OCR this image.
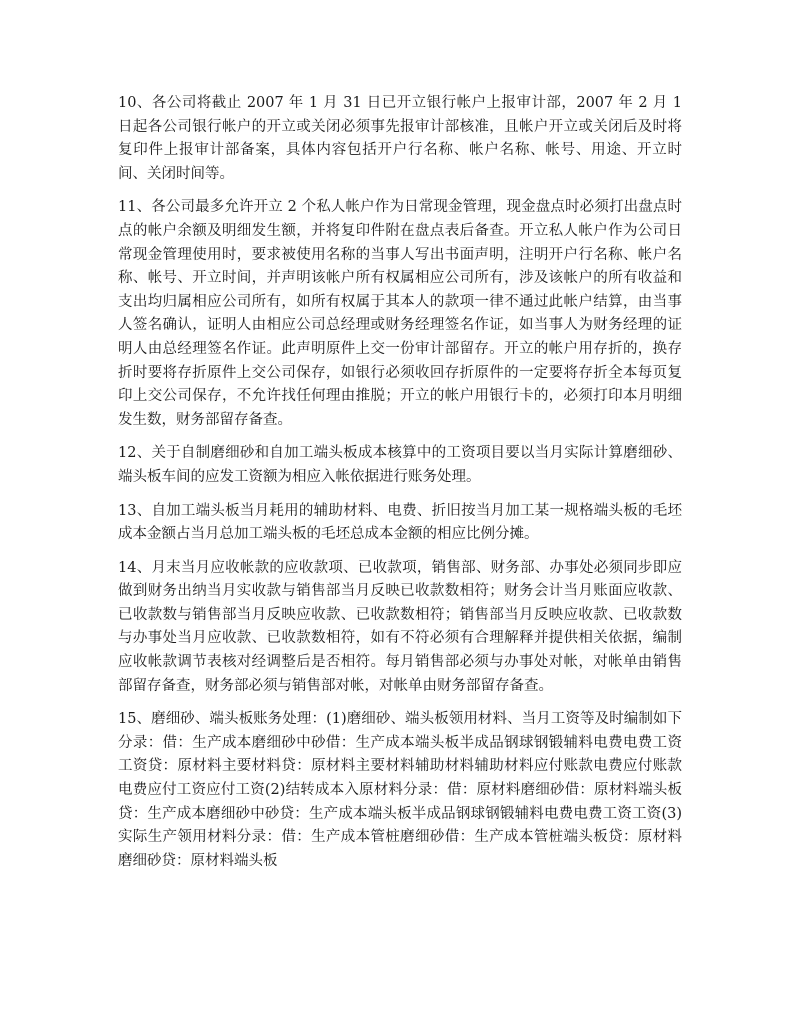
10、各公司将截止 2007 年 1 月 31 日已开立银行帐户上报审计部，2007 年 2 月 1 日起各公司银行帐户的开立或关闭必须事先报审计部核准，且帐户开立或关闭后及时将复印件上报审计部备案，具体内容包括开户行名称、帐户名称、帐号、用途、开立时间、关闭时间等。

11、各公司最多允许开立 2 个私人帐户作为日常现金管理，现金盘点时必须打出盘点时点的帐户余额及明细发生额，并将复印件附在盘点表后备查。开立私人帐户作为公司日常现金管理使用时，要求被使用名称的当事人写出书面声明，注明开户行名称、帐户名称、帐号、开立时间，并声明该帐户所有权属相应公司所有，涉及该帐户的所有收益和支出均归属相应公司所有，如所有权属于其本人的款项一律不通过此帐户结算，由当事人签名确认，证明人由相应公司总经理或财务经理签名作证，如当事人为财务经理的证明人由总经理签名作证。此声明原件上交一份审计部留存。开立的帐户用存折的，换存折时要将存折原件上交公司保存，如银行必须收回存折原件的一定要将存折全本每页复印上交公司保存，不允许找任何理由推脱；开立的帐户用银行卡的，必须打印本月明细发生数，财务部留存备查。

12、关于自制磨细砂和自加工端头板成本核算中的工资项目要以当月实际计算磨细砂、端头板车间的应发工资额为相应入帐依据进行账务处理。

13、自加工端头板当月耗用的辅助材料、电费、折旧按当月加工某一规格端头板的毛坯成本金额占当月总加工端头板的毛坯总成本金额的相应比例分摊。

14、月末当月应收帐款的应收款项、已收款项，销售部、财务部、办事处必须同步即应做到财务出纳当月实收款与销售部当月反映已收款数相符；财务会计当月账面应收款、已收款数与销售部当月反映应收款、已收款数相符；销售部当月反映应收款、已收款数与办事处当月应收款、已收款数相符，如有不符必须有合理解释并提供相关依据，编制应收帐款调节表核对经调整后是否相符。每月销售部必须与办事处对帐，对帐单由销售部留存备查，财务部必须与销售部对帐，对帐单由财务部留存备查。

15、磨细砂、端头板账务处理：(1)磨细砂、端头板领用材料、当月工资等及时编制如下分录：借：生产成本磨细砂中砂借：生产成本端头板半成品钢球钢锻辅料电费电费工资工资贷：原材料主要材料贷：原材料主要材料辅助材料辅助材料应付账款电费应付账款电费应付工资应付工资(2)结转成本入原材料分录：借：原材料磨细砂借：原材料端头板贷：生产成本磨细砂中砂贷：生产成本端头板半成品钢球钢锻辅料电费电费工资工资(3)实际生产领用材料分录：借：生产成本管桩磨细砂借：生产成本管桩端头板贷：原材料磨细砂贷：原材料端头板
